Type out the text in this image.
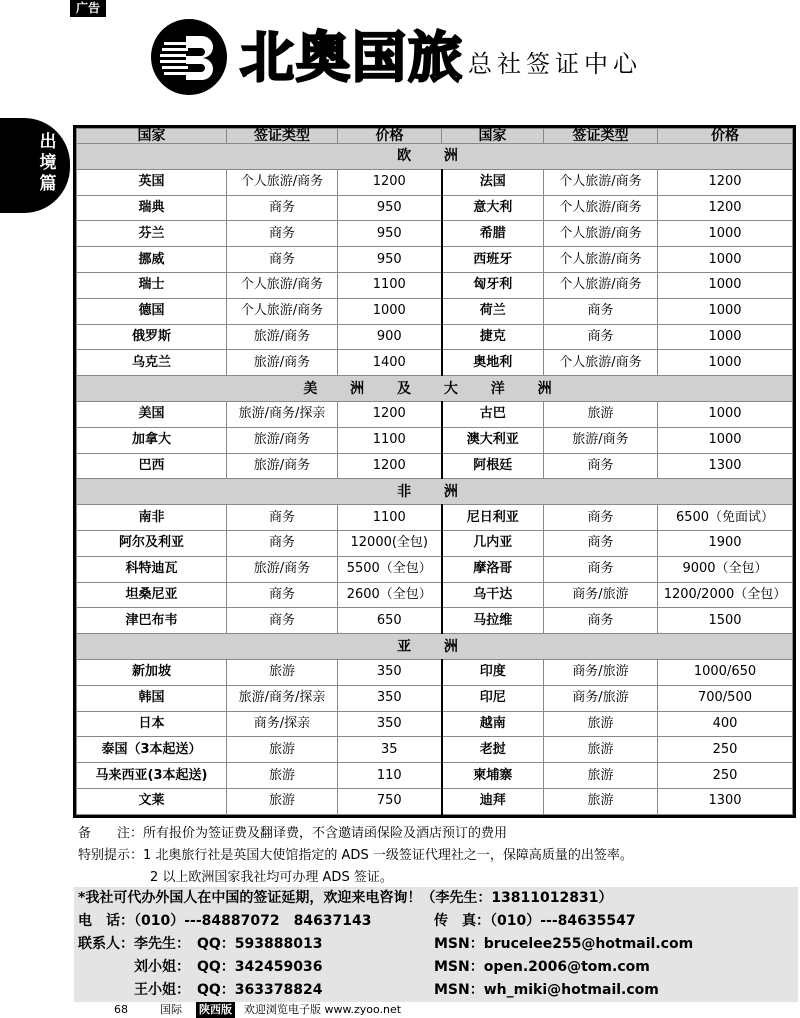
广告
北奥国旅 总社签证中心
出境篇
国家	签证类型	价格	国家	签证类型	价格
欧 洲					
英国	个人旅游/商务	1200	法国	个人旅游/商务	1200
瑞典	商务	950	意大利	个人旅游/商务	1200
芬兰	商务	950	希腊	个人旅游/商务	1000
挪威	商务	950	西班牙	个人旅游/商务	1000
瑞士	个人旅游/商务	1100	匈牙利	个人旅游/商务	1000
德国	个人旅游/商务	1000	荷兰	商务	1000
俄罗斯	旅游/商务	900	捷克	商务	1000
乌克兰	旅游/商务	1400	奥地利	个人旅游/商务	1000
美 洲 及 大 洋 洲					
美国	旅游/商务/探亲	1200	古巴	旅游	1000
加拿大	旅游/商务	1100	澳大利亚	旅游/商务	1000
巴西	旅游/商务	1200	阿根廷	商务	1300
非 洲					
南非	商务	1100	尼日利亚	商务	6500（免面试）
阿尔及利亚	商务	12000(全包)	几内亚	商务	1900
科特迪瓦	旅游/商务	5500（全包）	摩洛哥	商务	9000（全包）
坦桑尼亚	商务	2600（全包）	乌干达	商务/旅游	1200/2000（全包）
津巴布韦	商务	650	马拉维	商务	1500
亚 洲					
新加坡	旅游	350	印度	商务/旅游	1000/650
韩国	旅游/商务/探亲	350	印尼	商务/旅游	700/500
日本	商务/探亲	350	越南	旅游	400
泰国（3本起送）	旅游	35	老挝	旅游	250
马来西亚(3本起送)	旅游	110	柬埔寨	旅游	250
文莱	旅游	750	迪拜	旅游	1300
备　　注：所有报价为签证费及翻译费，不含邀请函保险及酒店预订的费用
特别提示：1 北奥旅行社是英国大使馆指定的 ADS 一级签证代理社之一，保障高质量的出签率。
2 以上欧洲国家我社均可办理 ADS 签证。
*我社可代办外国人在中国的签证延期，欢迎来电咨询！（李先生：13811012831）
电　话：（010）---84887072　84637143	传　真：（010）---84635547
联系人：李先生：　QQ：593888013	MSN：brucelee255@hotmail.com
刘小姐：　QQ：342459036	MSN：open.2006@tom.com
王小姐：　QQ：363378824	MSN：wh_miki@hotmail.com
68	国际 陕西版 欢迎浏览电子版 www.zyoo.net
